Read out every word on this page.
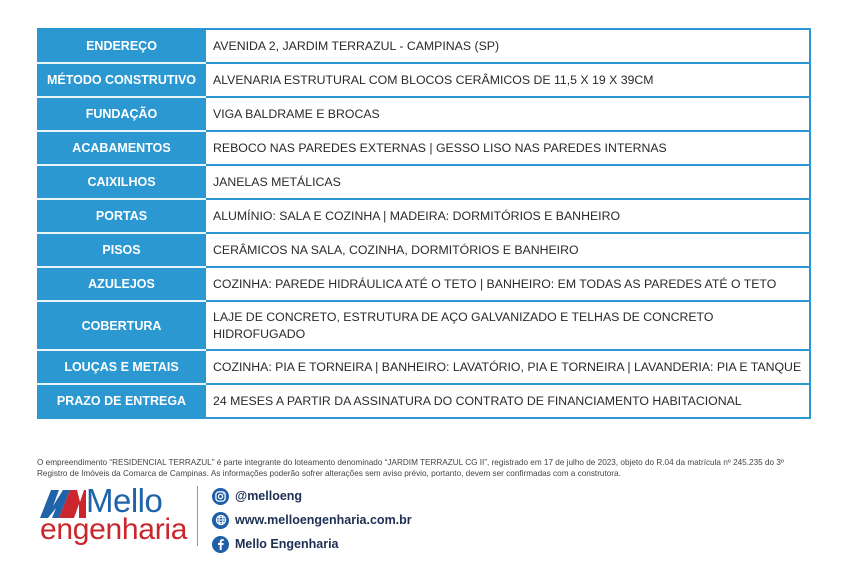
ENDEREÇO	AVENIDA 2, JARDIM TERRAZUL - CAMPINAS (SP)
MÉTODO CONSTRUTIVO	ALVENARIA ESTRUTURAL COM BLOCOS CERÂMICOS DE 11,5 X 19 X 39CM
FUNDAÇÃO	VIGA BALDRAME E BROCAS
ACABAMENTOS	REBOCO NAS PAREDES EXTERNAS | GESSO LISO NAS PAREDES INTERNAS
CAIXILHOS	JANELAS METÁLICAS
PORTAS	ALUMÍNIO: SALA E COZINHA | MADEIRA: DORMITÓRIOS E BANHEIRO
PISOS	CERÂMICOS NA SALA, COZINHA, DORMITÓRIOS E BANHEIRO
AZULEJOS	COZINHA: PAREDE HIDRÁULICA ATÉ O TETO | BANHEIRO: EM TODAS AS PAREDES ATÉ O TETO
COBERTURA	LAJE DE CONCRETO, ESTRUTURA DE AÇO GALVANIZADO E TELHAS DE CONCRETO HIDROFUGADO
LOUÇAS E METAIS	COZINHA: PIA E TORNEIRA | BANHEIRO: LAVATÓRIO, PIA E TORNEIRA | LAVANDERIA: PIA E TANQUE
PRAZO DE ENTREGA	24 MESES A PARTIR DA ASSINATURA DO CONTRATO DE FINANCIAMENTO HABITACIONAL
O empreendimento “RESIDENCIAL TERRAZUL” é parte integrante do loteamento denominado “JARDIM TERRAZUL CG II”, registrado em 17 de julho de 2023, objeto do R.04 da matrícula nº 245.235 do 3º Registro de Imóveis da Comarca de Campinas. As informações poderão sofrer alterações sem aviso prévio, portanto, devem ser confirmadas com a construtora.
Mello
engenharia
@melloeng
www.melloengenharia.com.br
Mello Engenharia
